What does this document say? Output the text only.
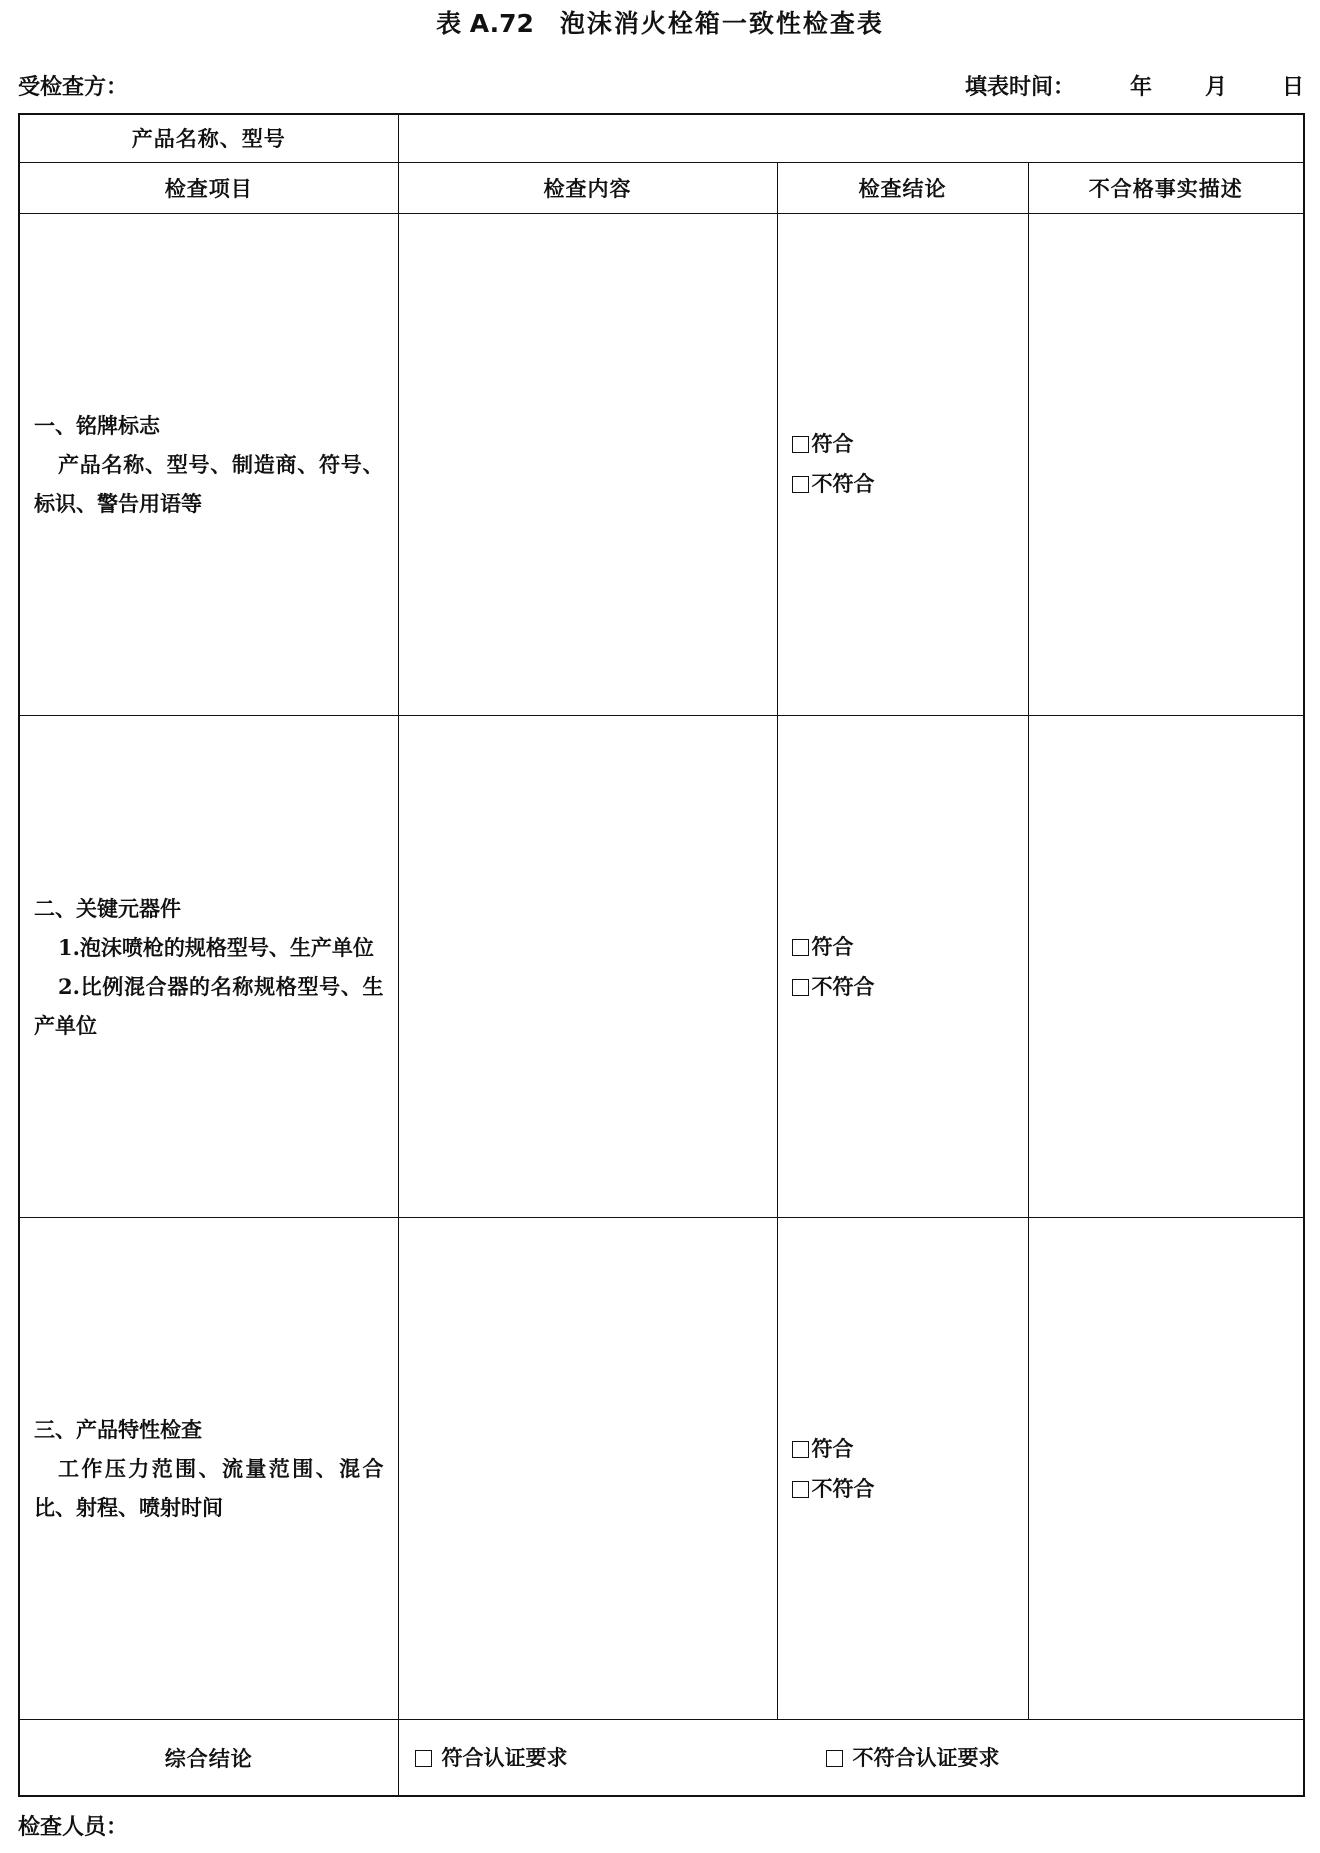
表 A.72 泡沫消火栓箱一致性检查表
受检查方：	填表时间： 年 月 日
产品名称、型号			
检查项目	检查内容	检查结论	不合格事实描述

一、铭牌标志
产品名称、型号、制造商、符号、标识、警告用语等		符合
不符合	

二、关键元器件
1.泡沫喷枪的规格型号、生产单位
2.比例混合器的名称规格型号、生产单位		符合
不符合	

三、产品特性检查
工作压力范围、流量范围、混合比、射程、喷射时间		符合
不符合	

综合结论	符合认证要求 不符合认证要求		
检查人员：
